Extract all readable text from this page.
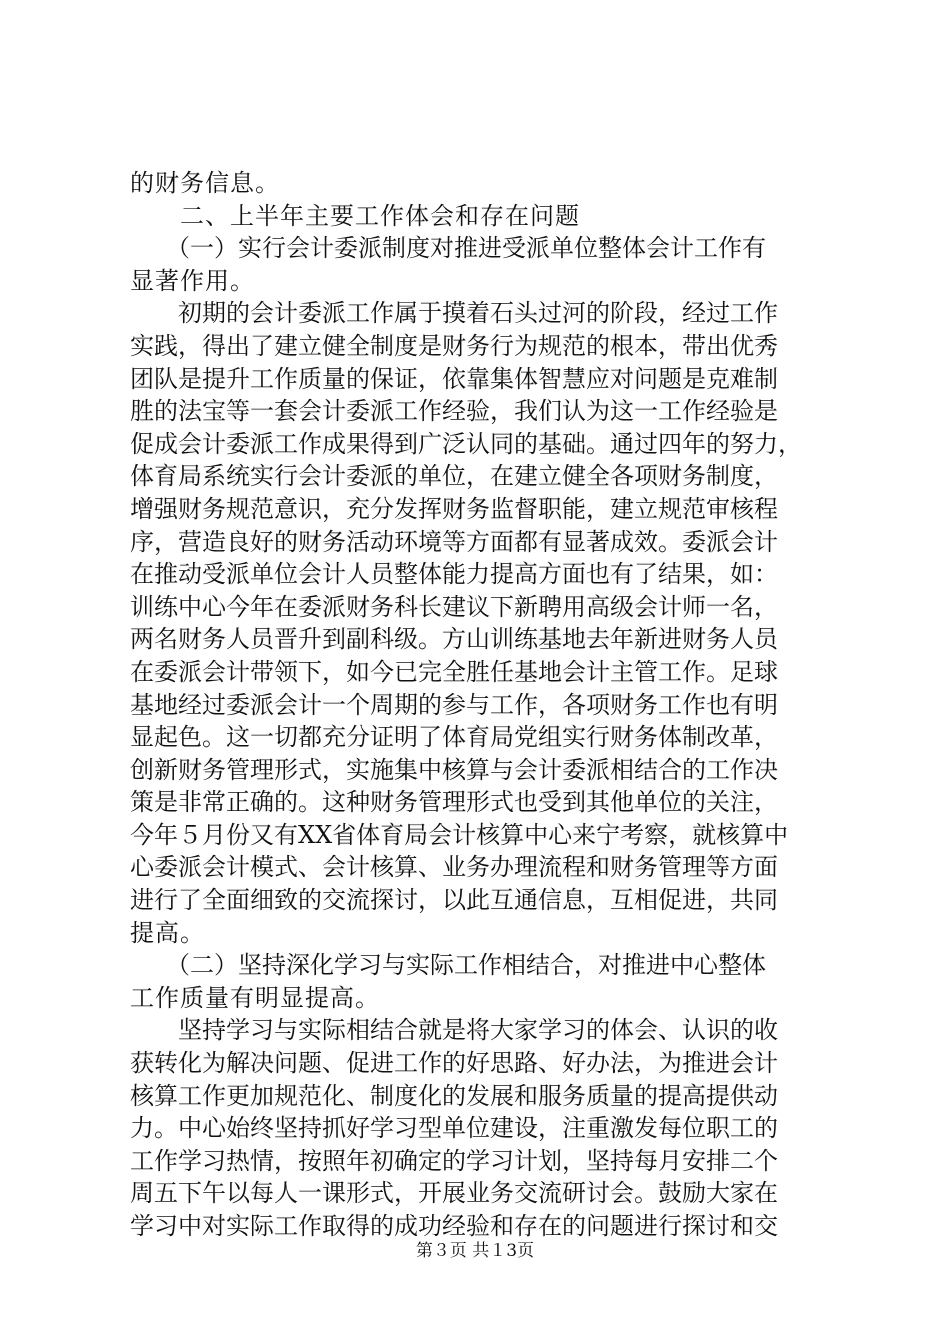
的财务信息。
　　二、上半年主要工作体会和存在问题
　　（一）实行会计委派制度对推进受派单位整体会计工作有
显著作用。
　　初期的会计委派工作属于摸着石头过河的阶段，经过工作
实践，得出了建立健全制度是财务行为规范的根本，带出优秀
团队是提升工作质量的保证，依靠集体智慧应对问题是克难制
胜的法宝等一套会计委派工作经验，我们认为这一工作经验是
促成会计委派工作成果得到广泛认同的基础。通过四年的努力，
体育局系统实行会计委派的单位，在建立健全各项财务制度，
增强财务规范意识，充分发挥财务监督职能，建立规范审核程
序，营造良好的财务活动环境等方面都有显著成效。委派会计
在推动受派单位会计人员整体能力提高方面也有了结果，如：
训练中心今年在委派财务科长建议下新聘用高级会计师一名，
两名财务人员晋升到副科级。方山训练基地去年新进财务人员
在委派会计带领下，如今已完全胜任基地会计主管工作。足球
基地经过委派会计一个周期的参与工作，各项财务工作也有明
显起色。这一切都充分证明了体育局党组实行财务体制改革，
创新财务管理形式，实施集中核算与会计委派相结合的工作决
策是非常正确的。这种财务管理形式也受到其他单位的关注，
今年５月份又有XX省体育局会计核算中心来宁考察，就核算中
心委派会计模式、会计核算、业务办理流程和财务管理等方面
进行了全面细致的交流探讨，以此互通信息，互相促进，共同
提高。
　　（二）坚持深化学习与实际工作相结合，对推进中心整体
工作质量有明显提高。
　　坚持学习与实际相结合就是将大家学习的体会、认识的收
获转化为解决问题、促进工作的好思路、好办法，为推进会计
核算工作更加规范化、制度化的发展和服务质量的提高提供动
力。中心始终坚持抓好学习型单位建设，注重激发每位职工的
工作学习热情，按照年初确定的学习计划，坚持每月安排二个
周五下午以每人一课形式，开展业务交流研讨会。鼓励大家在
学习中对实际工作取得的成功经验和存在的问题进行探讨和交
第３页 共１3页
